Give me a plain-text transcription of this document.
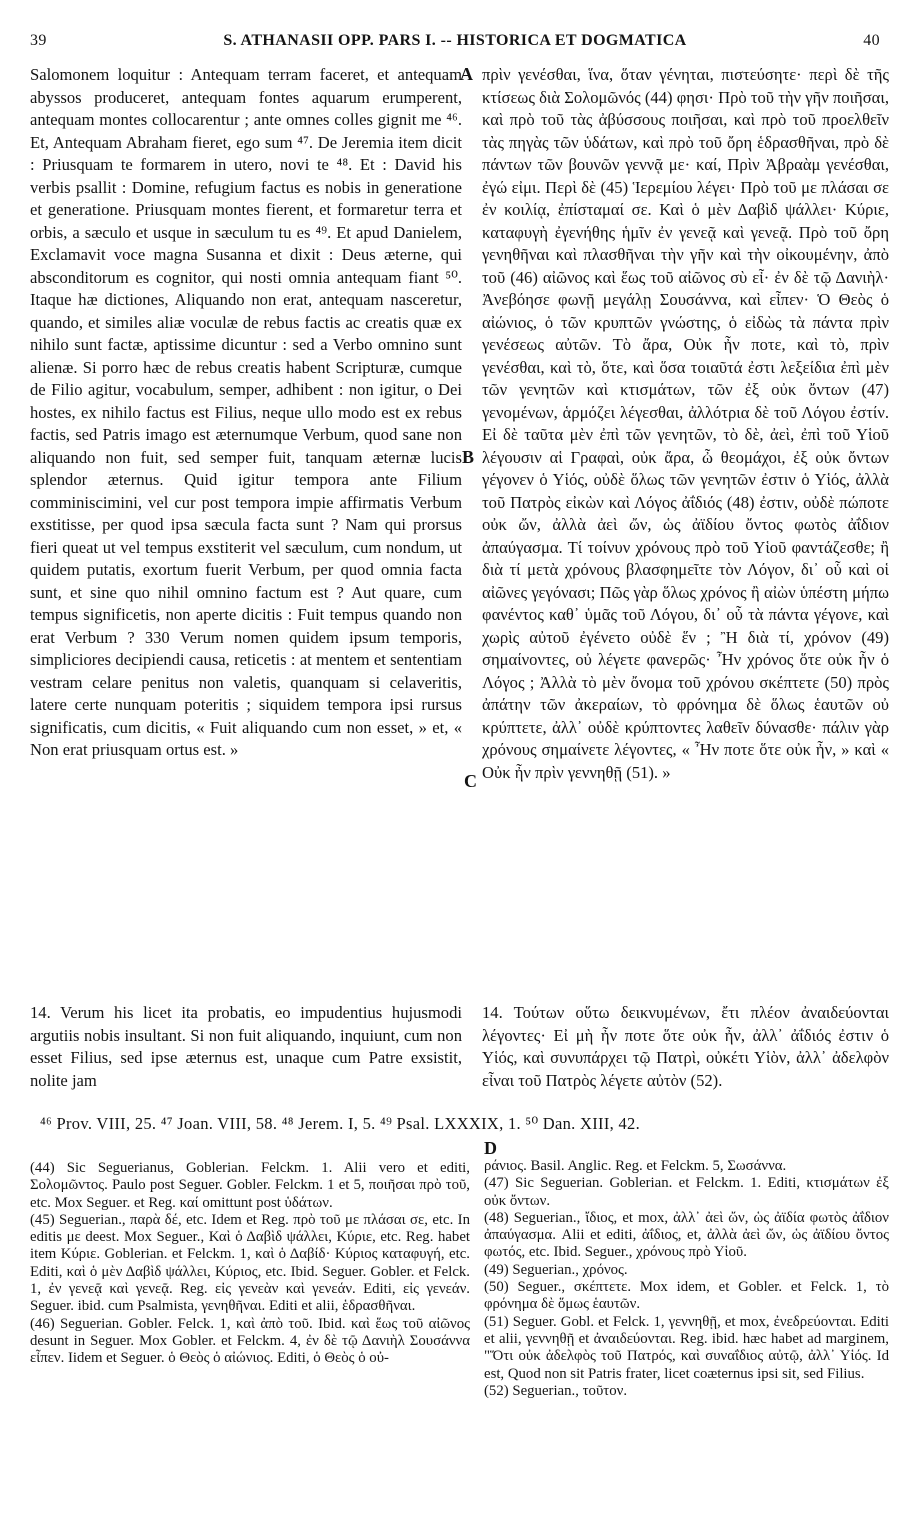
39	S. ATHANASII OPP. PARS I. -- HISTORICA ET DOGMATICA	40
A
B
C
D

Salomonem loquitur : Antequam terram faceret, et antequam abyssos produceret, antequam fontes aquarum erumperent, antequam montes collocarentur ; ante omnes colles gignit me ⁴⁶. Et, Antequam Abraham fieret, ego sum ⁴⁷. De Jeremia item dicit : Priusquam te formarem in utero, novi te ⁴⁸. Et : David his verbis psallit : Domine, refugium factus es nobis in generatione et generatione. Priusquam montes fierent, et formaretur terra et orbis, a sæculo et usque in sæculum tu es ⁴⁹. Et apud Danielem, Exclamavit voce magna Susanna et dixit : Deus æterne, qui absconditorum es cognitor, qui nosti omnia antequam fiant ⁵⁰. Itaque hæ dictiones, Aliquando non erat, antequam nasceretur, quando, et similes aliæ voculæ de rebus factis ac creatis quæ ex nihilo sunt factæ, aptissime dicuntur : sed a Verbo omnino sunt alienæ. Si porro hæc de rebus creatis habent Scripturæ, cumque de Filio agitur, vocabulum, semper, adhibent : non igitur, o Dei hostes, ex nihilo factus est Filius, neque ullo modo est ex rebus factis, sed Patris imago est æternumque Verbum, quod sane non aliquando non fuit, sed semper fuit, tanquam æternæ lucis splendor æternus. Quid igitur tempora ante Filium comminiscimini, vel cur post tempora impie affirmatis Verbum exstitisse, per quod ipsa sæcula facta sunt ? Nam qui prorsus fieri queat ut vel tempus exstiterit vel sæculum, cum nondum, ut quidem putatis, exortum fuerit Verbum, per quod omnia facta sunt, et sine quo nihil omnino factum est ? Aut quare, cum tempus significetis, non aperte dicitis : Fuit tempus quando non erat Verbum ? 330 Verum nomen quidem ipsum temporis, simpliciores decipiendi causa, reticetis : at mentem et sententiam vestram celare penitus non valetis, quanquam si celaveritis, latere certe nunquam poteritis ; siquidem tempora ipsi rursus significatis, cum dicitis, « Fuit aliquando cum non esset, » et, « Non erat priusquam ortus est. »

πρὶν γενέσθαι, ἵνα, ὅταν γένηται, πιστεύσητε· περὶ δὲ τῆς κτίσεως διὰ Σολομῶνός (44) φησι· Πρὸ τοῦ τὴν γῆν ποιῆσαι, καὶ πρὸ τοῦ τὰς ἀβύσσους ποιῆσαι, καὶ πρὸ τοῦ προελθεῖν τὰς πηγὰς τῶν ὑδάτων, καὶ πρὸ τοῦ ὄρη ἑδρασθῆναι, πρὸ δὲ πάντων τῶν βουνῶν γεννᾷ με· καί, Πρὶν Ἀβραὰμ γενέσθαι, ἐγώ εἰμι. Περὶ δὲ (45) Ἱερεμίου λέγει· Πρὸ τοῦ με πλάσαι σε ἐν κοιλίᾳ, ἐπίσταμαί σε. Καὶ ὁ μὲν Δαβὶδ ψάλλει· Κύριε, καταφυγὴ ἐγενήθης ἡμῖν ἐν γενεᾷ καὶ γενεᾷ. Πρὸ τοῦ ὄρη γενηθῆναι καὶ πλασθῆναι τὴν γῆν καὶ τὴν οἰκουμένην, ἀπὸ τοῦ (46) αἰῶνος καὶ ἕως τοῦ αἰῶνος σὺ εἶ· ἐν δὲ τῷ Δανιὴλ· Ἀνεβόησε φωνῇ μεγάλῃ Σουσάννα, καὶ εἶπεν· Ὁ Θεὸς ὁ αἰώνιος, ὁ τῶν κρυπτῶν γνώστης, ὁ εἰδὼς τὰ πάντα πρὶν γενέσεως αὐτῶν. Τὸ ἄρα, Οὐκ ἦν ποτε, καὶ τὸ, πρὶν γενέσθαι, καὶ τὸ, ὅτε, καὶ ὅσα τοιαῦτά ἐστι λεξείδια ἐπὶ μὲν τῶν γενητῶν καὶ κτισμάτων, τῶν ἐξ οὐκ ὄντων (47) γενομένων, ἁρμόζει λέγεσθαι, ἀλλότρια δὲ τοῦ Λόγου ἐστίν. Εἰ δὲ ταῦτα μὲν ἐπὶ τῶν γενητῶν, τὸ δὲ, ἀεὶ, ἐπὶ τοῦ Υἱοῦ λέγουσιν αἱ Γραφαὶ, οὐκ ἄρα, ὦ θεομάχοι, ἐξ οὐκ ὄντων γέγονεν ὁ Υἱός, οὐδὲ ὅλως τῶν γενητῶν ἐστιν ὁ Υἱός, ἀλλὰ τοῦ Πατρὸς εἰκὼν καὶ Λόγος ἀΐδιός (48) ἐστιν, οὐδὲ πώποτε οὐκ ὤν, ἀλλὰ ἀεὶ ὤν, ὡς ἀϊδίου ὄντος φωτὸς ἀΐδιον ἀπαύγασμα. Τί τοίνυν χρόνους πρὸ τοῦ Υἱοῦ φαντάζεσθε; ἢ διὰ τί μετὰ χρόνους βλασφημεῖτε τὸν Λόγον, δι᾽ οὗ καὶ οἱ αἰῶνες γεγόνασι; Πῶς γὰρ ὅλως χρόνος ἢ αἰὼν ὑπέστη μήπω φανέντος καθ᾽ ὑμᾶς τοῦ Λόγου, δι᾽ οὗ τὰ πάντα γέγονε, καὶ χωρὶς αὐτοῦ ἐγένετο οὐδὲ ἕν ; Ἢ διὰ τί, χρόνον (49) σημαίνοντες, οὐ λέγετε φανερῶς· Ἦν χρόνος ὅτε οὐκ ἦν ὁ Λόγος ; Ἀλλὰ τὸ μὲν ὄνομα τοῦ χρόνου σκέπτετε (50) πρὸς ἀπάτην τῶν ἀκεραίων, τὸ φρόνημα δὲ ὅλως ἑαυτῶν οὐ κρύπτετε, ἀλλ᾽ οὐδὲ κρύπτοντες λαθεῖν δύνασθε· πάλιν γὰρ χρόνους σημαίνετε λέγοντες, « Ἦν ποτε ὅτε οὐκ ἦν, » καὶ « Οὐκ ἦν πρὶν γεννηθῇ (51). »

14. Verum his licet ita probatis, eo impudentius hujusmodi argutiis nobis insultant. Si non fuit aliquando, inquiunt, cum non esset Filius, sed ipse æternus est, unaque cum Patre exsistit, nolite jam

14. Τούτων οὕτω δεικνυμένων, ἔτι πλέον ἀναιδεύονται λέγοντες· Εἰ μὴ ἦν ποτε ὅτε οὐκ ἦν, ἀλλ᾽ ἀΐδιός ἐστιν ὁ Υἱός, καὶ συνυπάρχει τῷ Πατρὶ, οὐκέτι Υἱὸν, ἀλλ᾽ ἀδελφὸν εἶναι τοῦ Πατρὸς λέγετε αὐτὸν (52).

⁴⁶ Prov. VIII, 25. ⁴⁷ Joan. VIII, 58. ⁴⁸ Jerem. I, 5. ⁴⁹ Psal. LXXXIX, 1. ⁵⁰ Dan. XIII, 42.

(44) Sic Seguerianus, Goblerian. Felckm. 1. Alii vero et editi, Σολομῶντος. Paulo post Seguer. Gobler. Felckm. 1 et 5, ποιῆσαι πρὸ τοῦ, etc. Mox Seguer. et Reg. καί omittunt post ὑδάτων.

(45) Seguerian., παρὰ δέ, etc. Idem et Reg. πρὸ τοῦ με πλάσαι σε, etc. In editis με deest. Mox Seguer., Καὶ ὁ Δαβὶδ ψάλλει, Κύριε, etc. Reg. habet item Κύριε. Goblerian. et Felckm. 1, καὶ ὁ Δαβίδ· Κύριος καταφυγή, etc. Editi, καὶ ὁ μὲν Δαβὶδ ψάλλει, Κύριος, etc. Ibid. Seguer. Gobler. et Felck. 1, ἐν γενεᾷ καὶ γενεᾷ. Reg. εἰς γενεὰν καὶ γενεάν. Editi, εἰς γενεάν. Seguer. ibid. cum Psalmista, γενηθῆναι. Editi et alii, ἑδρασθῆναι.

(46) Seguerian. Gobler. Felck. 1, καὶ ἀπὸ τοῦ. Ibid. καὶ ἕως τοῦ αἰῶνος desunt in Seguer. Mox Gobler. et Felckm. 4, ἐν δὲ τῷ Δανιὴλ Σουσάννα εἶπεν. Iidem et Seguer. ὁ Θεὸς ὁ αἰώνιος. Editi, ὁ Θεὸς ὁ οὐ-

ράνιος. Basil. Anglic. Reg. et Felckm. 5, Σωσάννα.

(47) Sic Seguerian. Goblerian. et Felckm. 1. Editi, κτισμάτων ἐξ οὐκ ὄντων.

(48) Seguerian., ἴδιος, et mox, ἀλλ᾽ ἀεὶ ὤν, ὡς ἀϊδία φωτὸς ἀΐδιον ἀπαύγασμα. Alii et editi, ἀΐδιος, et, ἀλλὰ ἀεὶ ὤν, ὡς ἀϊδίου ὄντος φωτός, etc. Ibid. Seguer., χρόνους πρὸ Υἱοῦ.

(49) Seguerian., χρόνος.

(50) Seguer., σκέπτετε. Mox idem, et Gobler. et Felck. 1, τὸ φρόνημα δὲ ὅμως ἑαυτῶν.

(51) Seguer. Gobl. et Felck. 1, γεννηθῇ, et mox, ἐνεδρεύονται. Editi et alii, γεννηθῇ et ἀναιδεύονται. Reg. ibid. hæc habet ad marginem, "Ὅτι οὐκ ἀδελφὸς τοῦ Πατρός, καὶ συναΐδιος αὐτῷ, ἀλλ᾽ Υἱός. Id est, Quod non sit Patris frater, licet coæternus ipsi sit, sed Filius.

(52) Seguerian., τοῦτον.
